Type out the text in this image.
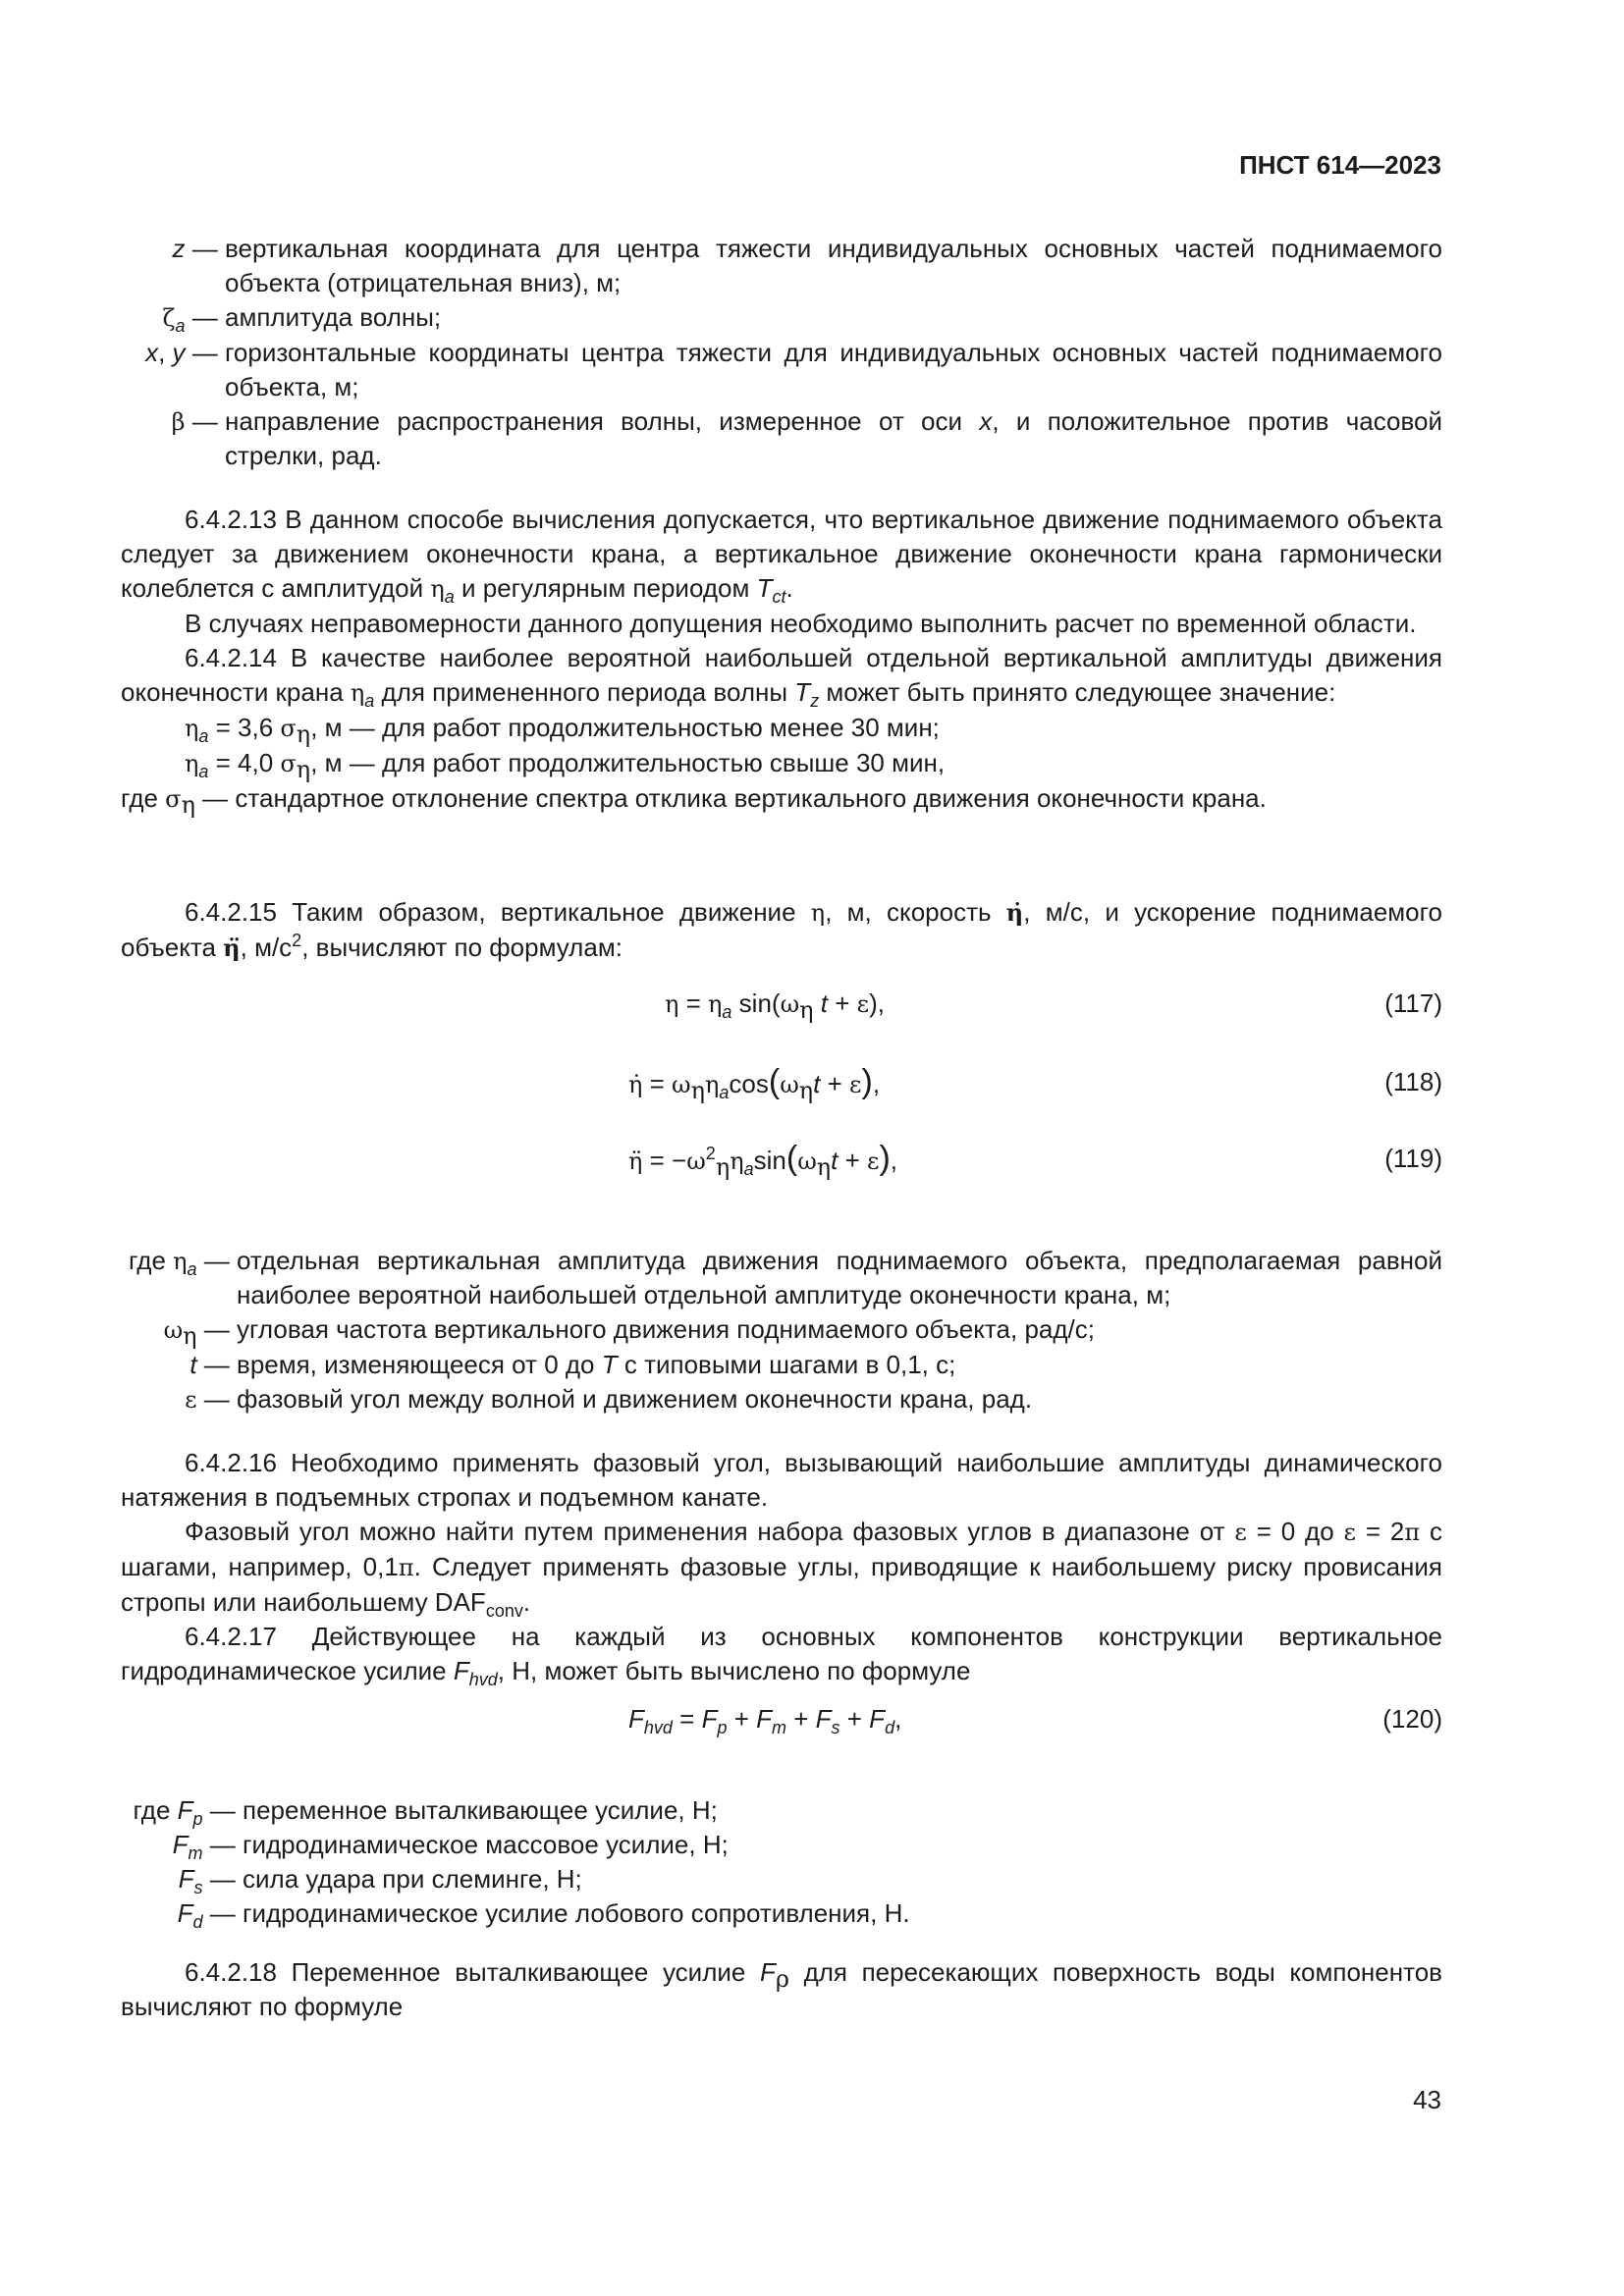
ПНСТ 614—2023
z — вертикальная координата для центра тяжести индивидуальных основных частей поднимаемого объекта (отрицательная вниз), м;
$\zeta_a$ — амплитуда волны;
x, y — горизонтальные координаты центра тяжести для индивидуальных основных частей поднимаемого объекта, м;
β — направление распространения волны, измеренное от оси x, и положительное против часовой стрелки, рад.

6.4.2.13 В данном способе вычисления допускается, что вертикальное движение поднимаемого объекта следует за движением оконечности крана, а вертикальное движение оконечности крана гармонически колеблется с амплитудой $\eta_a$ и регулярным периодом $T_{ct}$.

В случаях неправомерности данного допущения необходимо выполнить расчет по временной области.

6.4.2.14 В качестве наиболее вероятной наибольшей отдельной вертикальной амплитуды движения оконечности крана $\eta_a$ для примененного периода волны $T_z$ может быть принято следующее значение:

$\eta_a = 3,6$ $\sigma_\eta$, м — для работ продолжительностью менее 30 мин;

$\eta_a = 4,0$ $\sigma_\eta$, м — для работ продолжительностью свыше 30 мин,

где $\sigma_\eta$ — стандартное отклонение спектра отклика вертикального движения оконечности крана.

6.4.2.15 Таким образом, вертикальное движение η, м, скорость η̇, м/с, и ускорение поднимаемого объекта η̈, $м/с^2$, вычисляют по формулам:

$\eta = \eta_a$ $\sin(\omega_\eta$ t + ε),	(117)
η̇ = $\omega_\eta\eta_a\cos(\omega_\eta t + \varepsilon)$,	(118)
η̈ = $-\omega^2_\eta\eta_a\sin(\omega_\eta t + \varepsilon)$,	(119)
где $\eta_a$ — отдельная вертикальная амплитуда движения поднимаемого объекта, предполагаемая равной наиболее вероятной наибольшей отдельной амплитуде оконечности крана, м;
$\omega_\eta$ — угловая частота вертикального движения поднимаемого объекта, рад/с;
t — время, изменяющееся от 0 до T с типовыми шагами в 0,1, с;
ε — фазовый угол между волной и движением оконечности крана, рад.

6.4.2.16 Необходимо применять фазовый угол, вызывающий наибольшие амплитуды динамического натяжения в подъемных стропах и подъемном канате.

Фазовый угол можно найти путем применения набора фазовых углов в диапазоне от ε = 0 до ε = 2π с шагами, например, 0,1π. Следует применять фазовые углы, приводящие к наибольшему риску провисания стропы или наибольшему $DAF_{conv}$.

6.4.2.17 Действующее на каждый из основных компонентов конструкции вертикальное гидродинамическое усилие $F_{hvd}$, Н, может быть вычислено по формуле

$F_{hvd} = F_p + F_m + F_s + F_d$,	(120)
где $F_p$ — переменное выталкивающее усилие, Н;
$F_m$ — гидродинамическое массовое усилие, Н;
$F_s$ — сила удара при слеминге, Н;
$F_d$ — гидродинамическое усилие лобового сопротивления, Н.

6.4.2.18 Переменное выталкивающее усилие $F_\rho$ для пересекающих поверхность воды компонентов вычисляют по формуле

43
